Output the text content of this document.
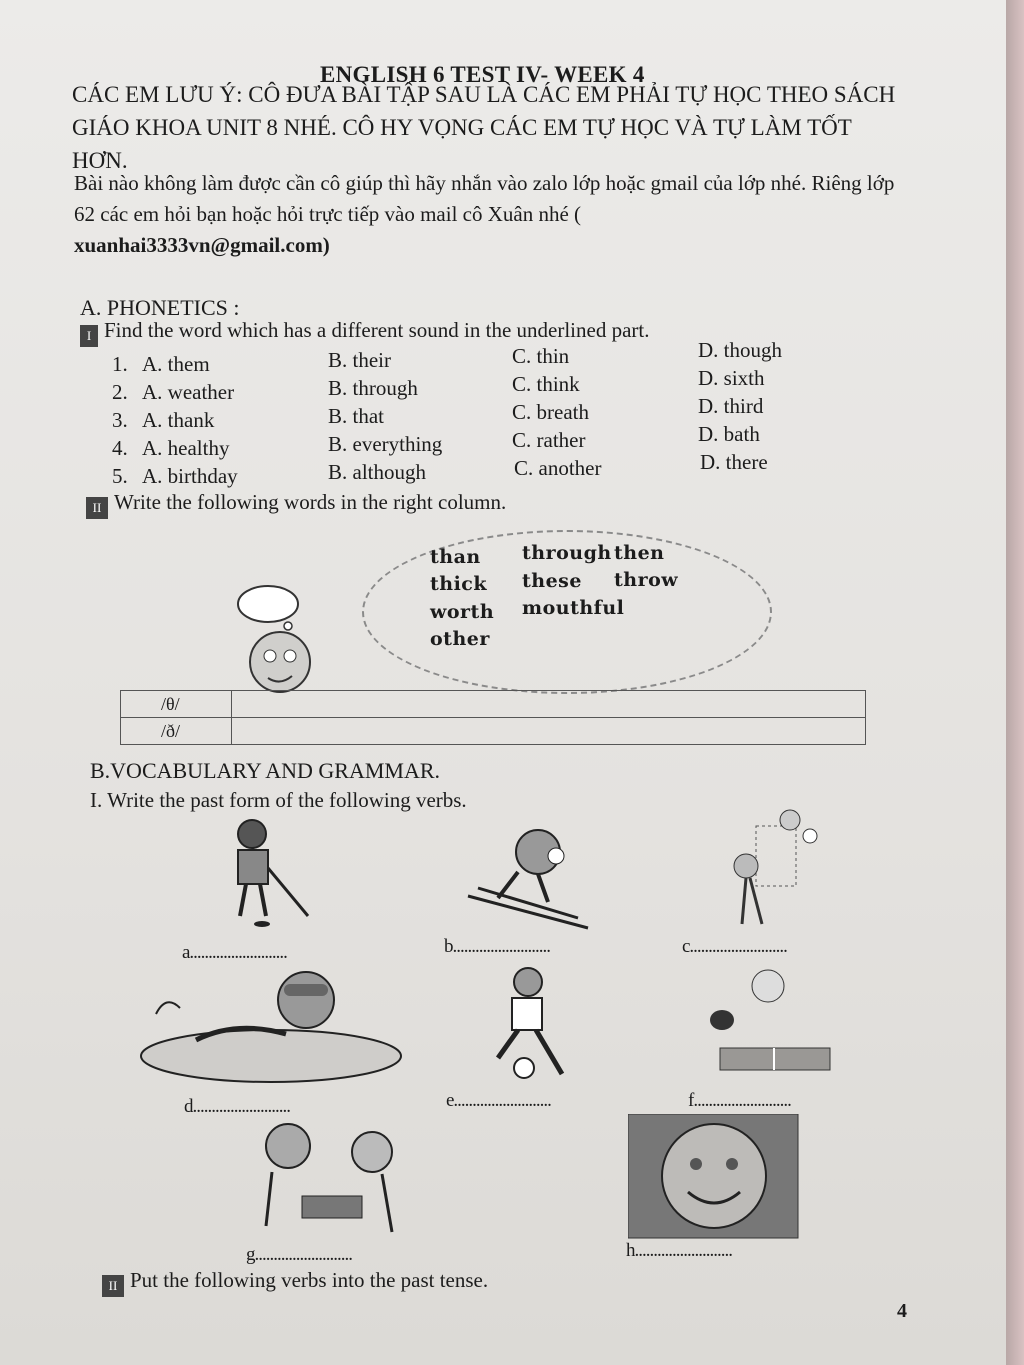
ENGLISH 6 TEST IV- WEEK 4
CÁC EM LƯU Ý: CÔ ĐƯA BÀI TẬP SAU LÀ CÁC EM PHẢI TỰ HỌC THEO SÁCH GIÁO KHOA UNIT 8 NHÉ. CÔ HY VỌNG CÁC EM TỰ HỌC VÀ TỰ LÀM TỐT HƠN.
Bài nào không làm được cần cô giúp thì hãy nhắn vào zalo lớp hoặc gmail của lớp nhé. Riêng lớp 62 các em hỏi bạn hoặc hỏi trực tiếp vào mail cô Xuân nhé (
xuanhai3333vn@gmail.com)
A. PHONETICS :
I Find the word which has a different sound in the underlined part.
1. A. them	B. their	C. thin	D. though
2. A. weather	B. through	C. think	D. sixth
3. A. thank	B. that	C. breath	D. third
4. A. healthy	B. everything	C. rather	D. bath
5. A. birthday	B. although	C. another	D. there
II Write the following words in the right column.
than through then
thick these throw
worth mouthful
other
/θ/	
/ð/	
B.VOCABULARY AND GRAMMAR.
I. Write the past form of the following verbs.
a..........................	b..........................	c..........................
d..........................	e..........................	f..........................
g..........................	h..........................
II Put the following verbs into the past tense.
4
